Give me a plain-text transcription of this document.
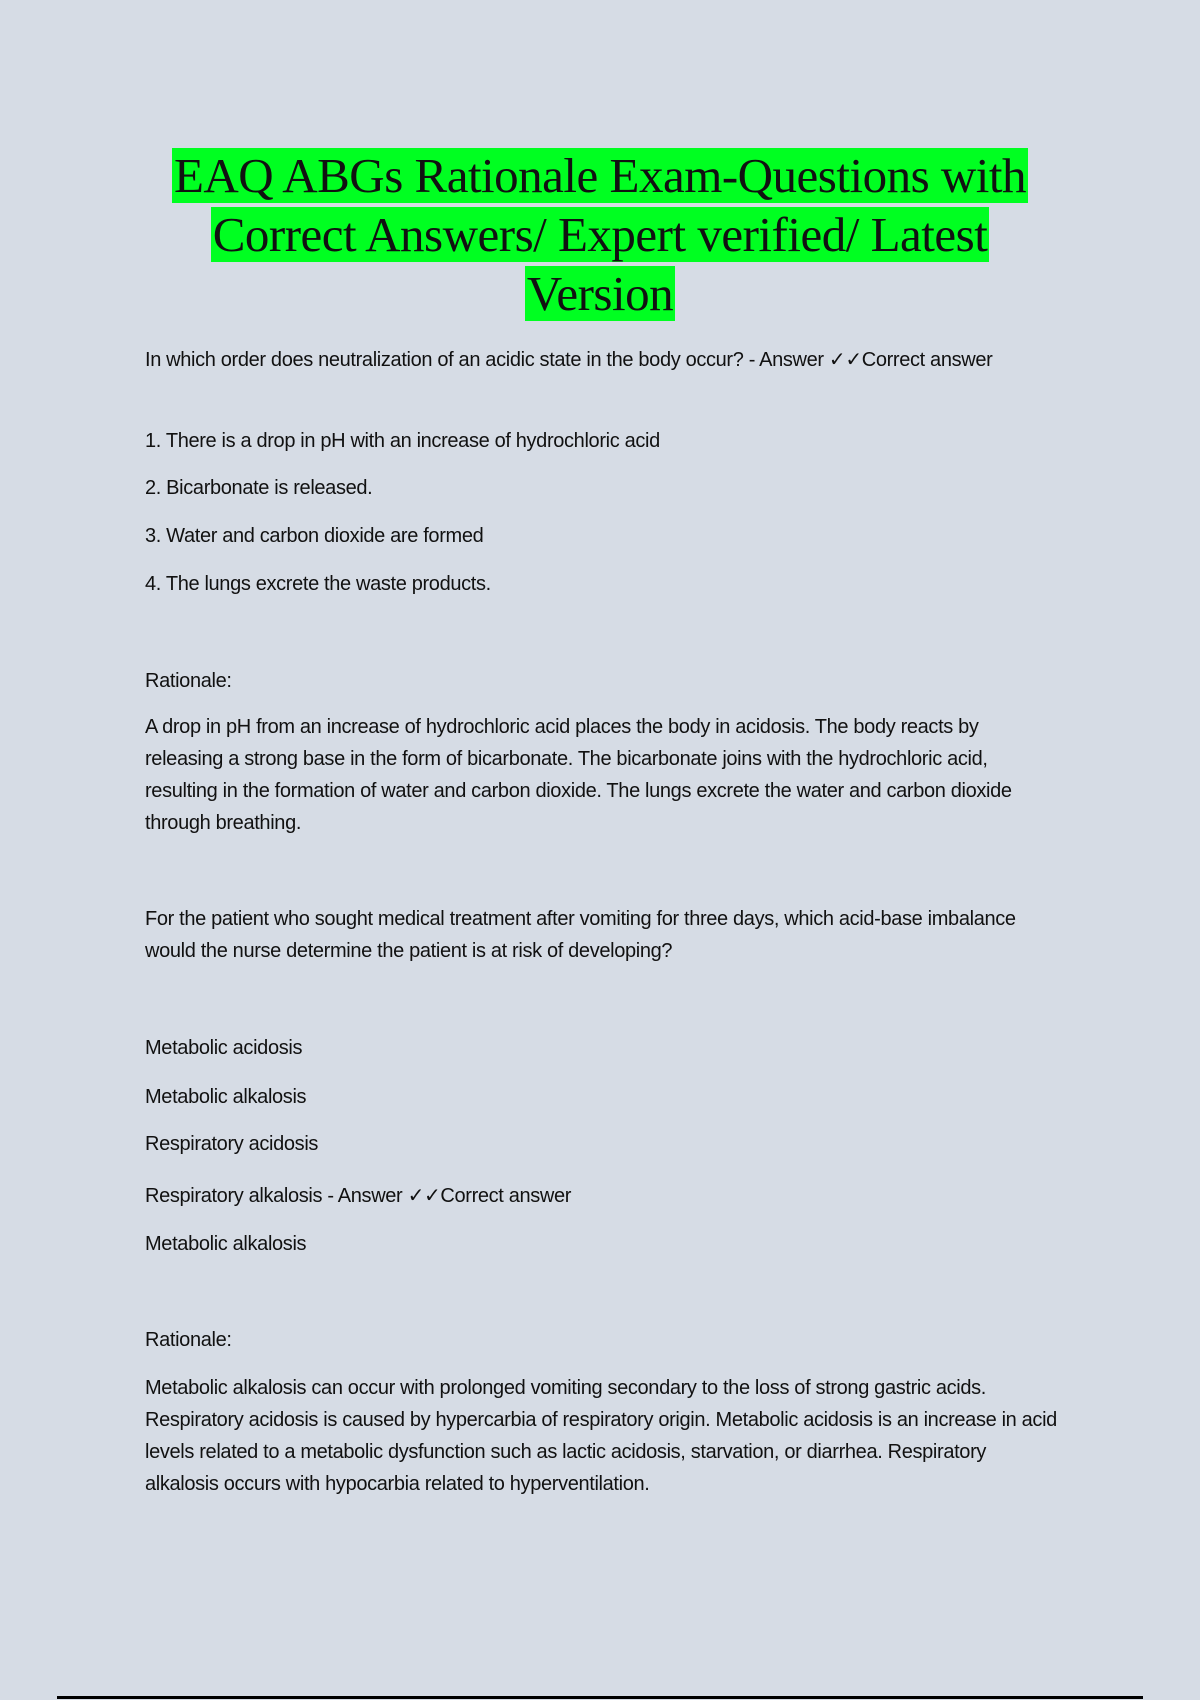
EAQ ABGs Rationale Exam-Questions with
Correct Answers/ Expert verified/ Latest
Version

In which order does neutralization of an acidic state in the body occur? - Answer ✓✓Correct answer

1. There is a drop in pH with an increase of hydrochloric acid

2. Bicarbonate is released.

3. Water and carbon dioxide are formed

4. The lungs excrete the waste products.

Rationale:

A drop in pH from an increase of hydrochloric acid places the body in acidosis. The body reacts by releasing a strong base in the form of bicarbonate. The bicarbonate joins with the hydrochloric acid, resulting in the formation of water and carbon dioxide. The lungs excrete the water and carbon dioxide through breathing.

For the patient who sought medical treatment after vomiting for three days, which acid-base imbalance would the nurse determine the patient is at risk of developing?

Metabolic acidosis

Metabolic alkalosis

Respiratory acidosis

Respiratory alkalosis - Answer ✓✓Correct answer

Metabolic alkalosis

Rationale:

Metabolic alkalosis can occur with prolonged vomiting secondary to the loss of strong gastric acids. Respiratory acidosis is caused by hypercarbia of respiratory origin. Metabolic acidosis is an increase in acid levels related to a metabolic dysfunction such as lactic acidosis, starvation, or diarrhea. Respiratory alkalosis occurs with hypocarbia related to hyperventilation.
